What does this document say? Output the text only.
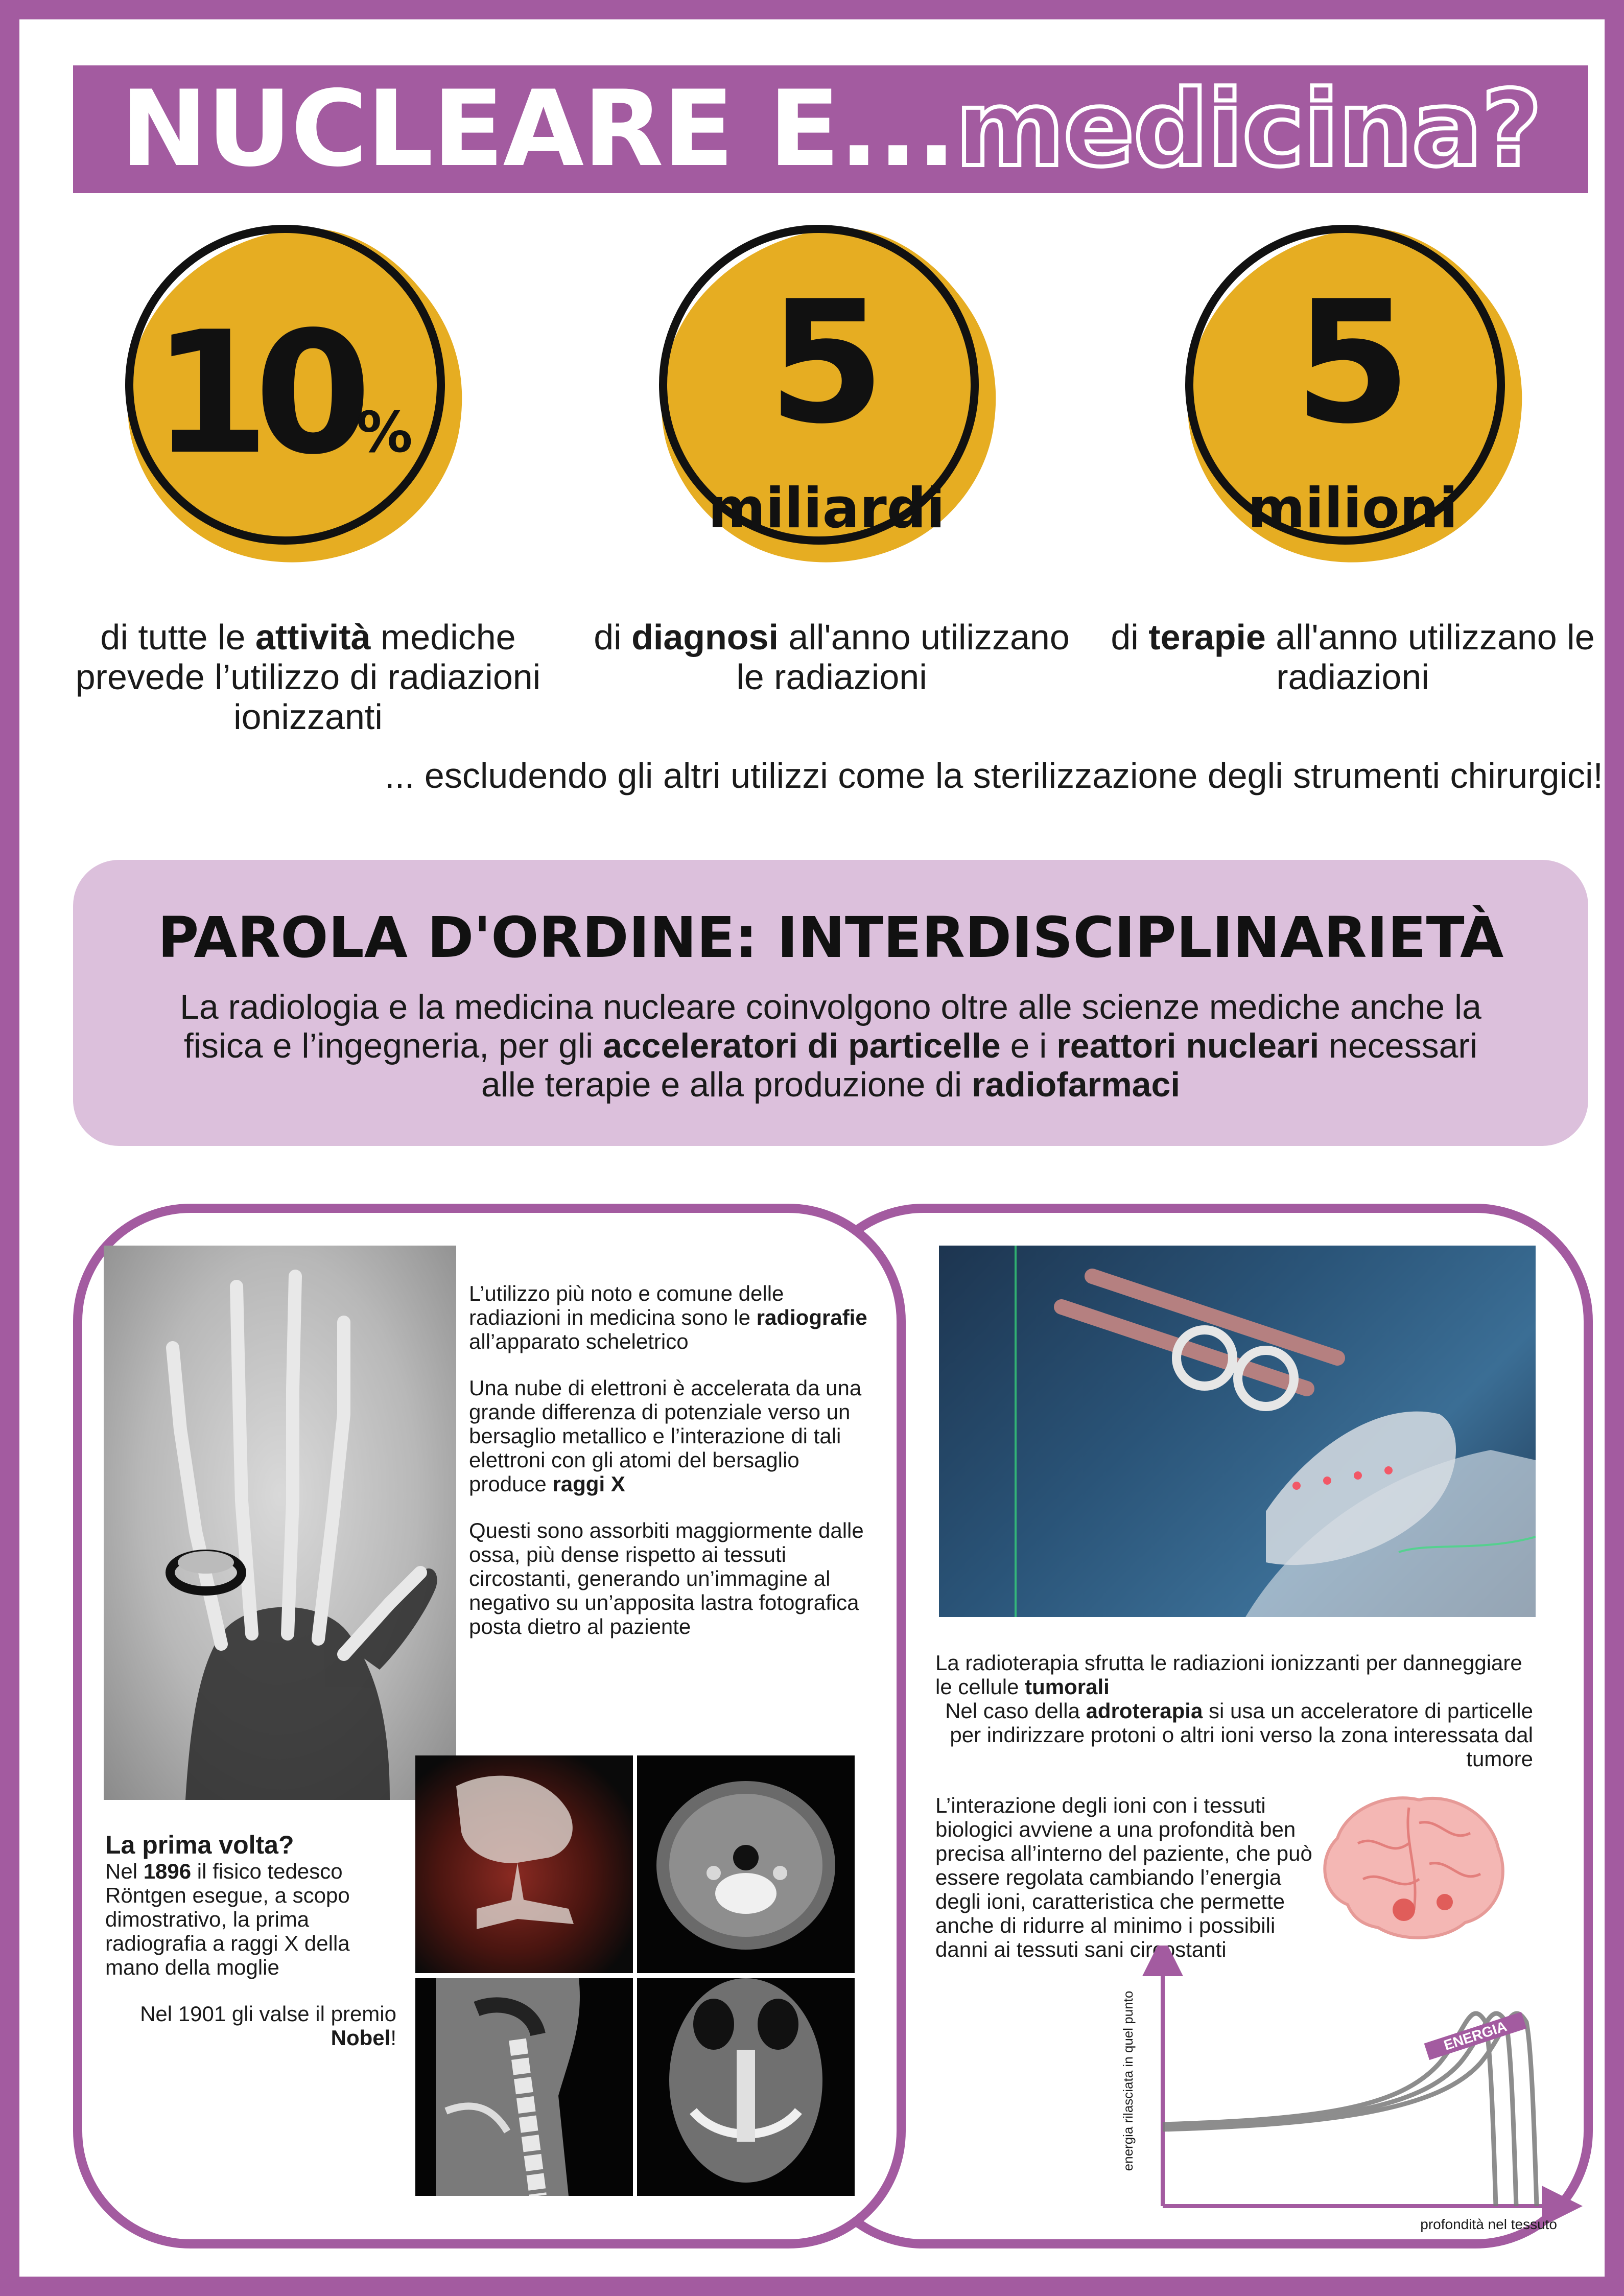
NUCLEARE E...medicina?
10%
di tutte le attività mediche prevede l’utilizzo di radiazioni ionizzanti
5
miliardi
di diagnosi all'anno utilizzano le radiazioni
5
milioni
di terapie all'anno utilizzano le radiazioni
... escludendo gli altri utilizzi come la sterilizzazione degli strumenti chirurgici!
PAROLA D'ORDINE: INTERDISCIPLINARIETÀ
La radiologia e la medicina nucleare coinvolgono oltre alle scienze mediche anche la fisica e l’ingegneria, per gli acceleratori di particelle e i reattori nucleari necessari alle terapie e alla produzione di radiofarmaci

L’utilizzo più noto e comune delle radiazioni in medicina sono le radiografie all’apparato scheletrico

Una nube di elettroni è accelerata da una grande differenza di potenziale verso un bersaglio metallico e l’interazione di tali elettroni con gli atomi del bersaglio produce raggi X

Questi sono assorbiti maggiormente dalle ossa, più dense rispetto ai tessuti circostanti, generando un’immagine al negativo su un’apposita lastra fotografica posta dietro al paziente

La prima volta?
Nel 1896 il fisico tedesco Röntgen esegue, a scopo dimostrativo, la prima radiografia a raggi X della mano della moglie
Nel 1901 gli valse il premio Nobel!

La radioterapia sfrutta le radiazioni ionizzanti per danneggiare le cellule tumorali

Nel caso della adroterapia si usa un acceleratore di particelle per indirizzare protoni o altri ioni verso la zona interessata dal tumore

L’interazione degli ioni con i tessuti biologici avviene a una profondità ben precisa all’interno del paziente, che può essere regolata cambiando l’energia degli ioni, caratteristica che permette anche di ridurre al minimo i possibili danni ai tessuti sani circostanti

ENERGIA
energia rilasciata in quel punto
profondità nel tessuto
